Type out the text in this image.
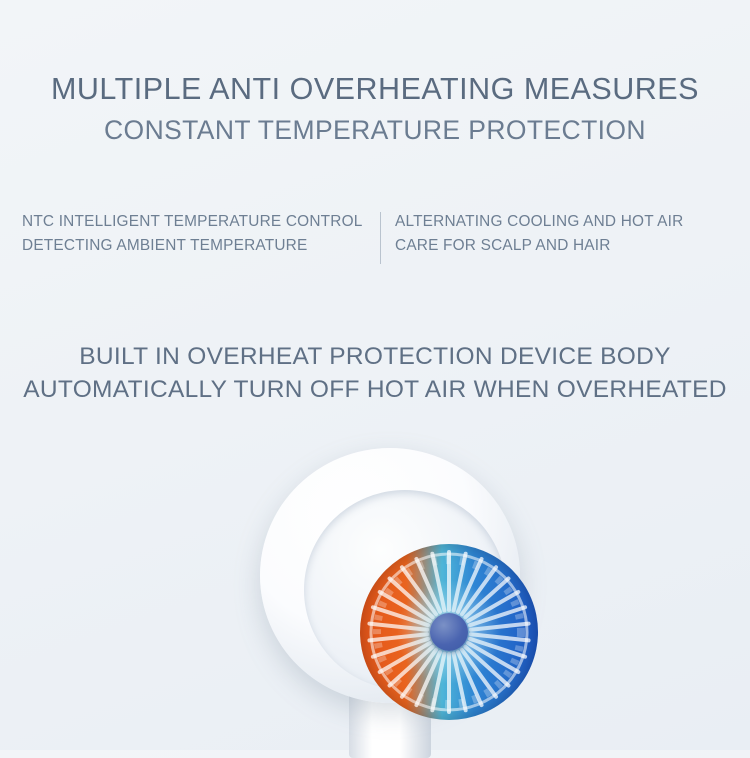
MULTIPLE ANTI OVERHEATING MEASURES
CONSTANT TEMPERATURE PROTECTION
NTC INTELLIGENT TEMPERATURE CONTROL
DETECTING AMBIENT TEMPERATURE
ALTERNATING COOLING AND HOT AIR
CARE FOR SCALP AND HAIR
BUILT IN OVERHEAT PROTECTION DEVICE BODY
AUTOMATICALLY TURN OFF HOT AIR WHEN OVERHEATED
